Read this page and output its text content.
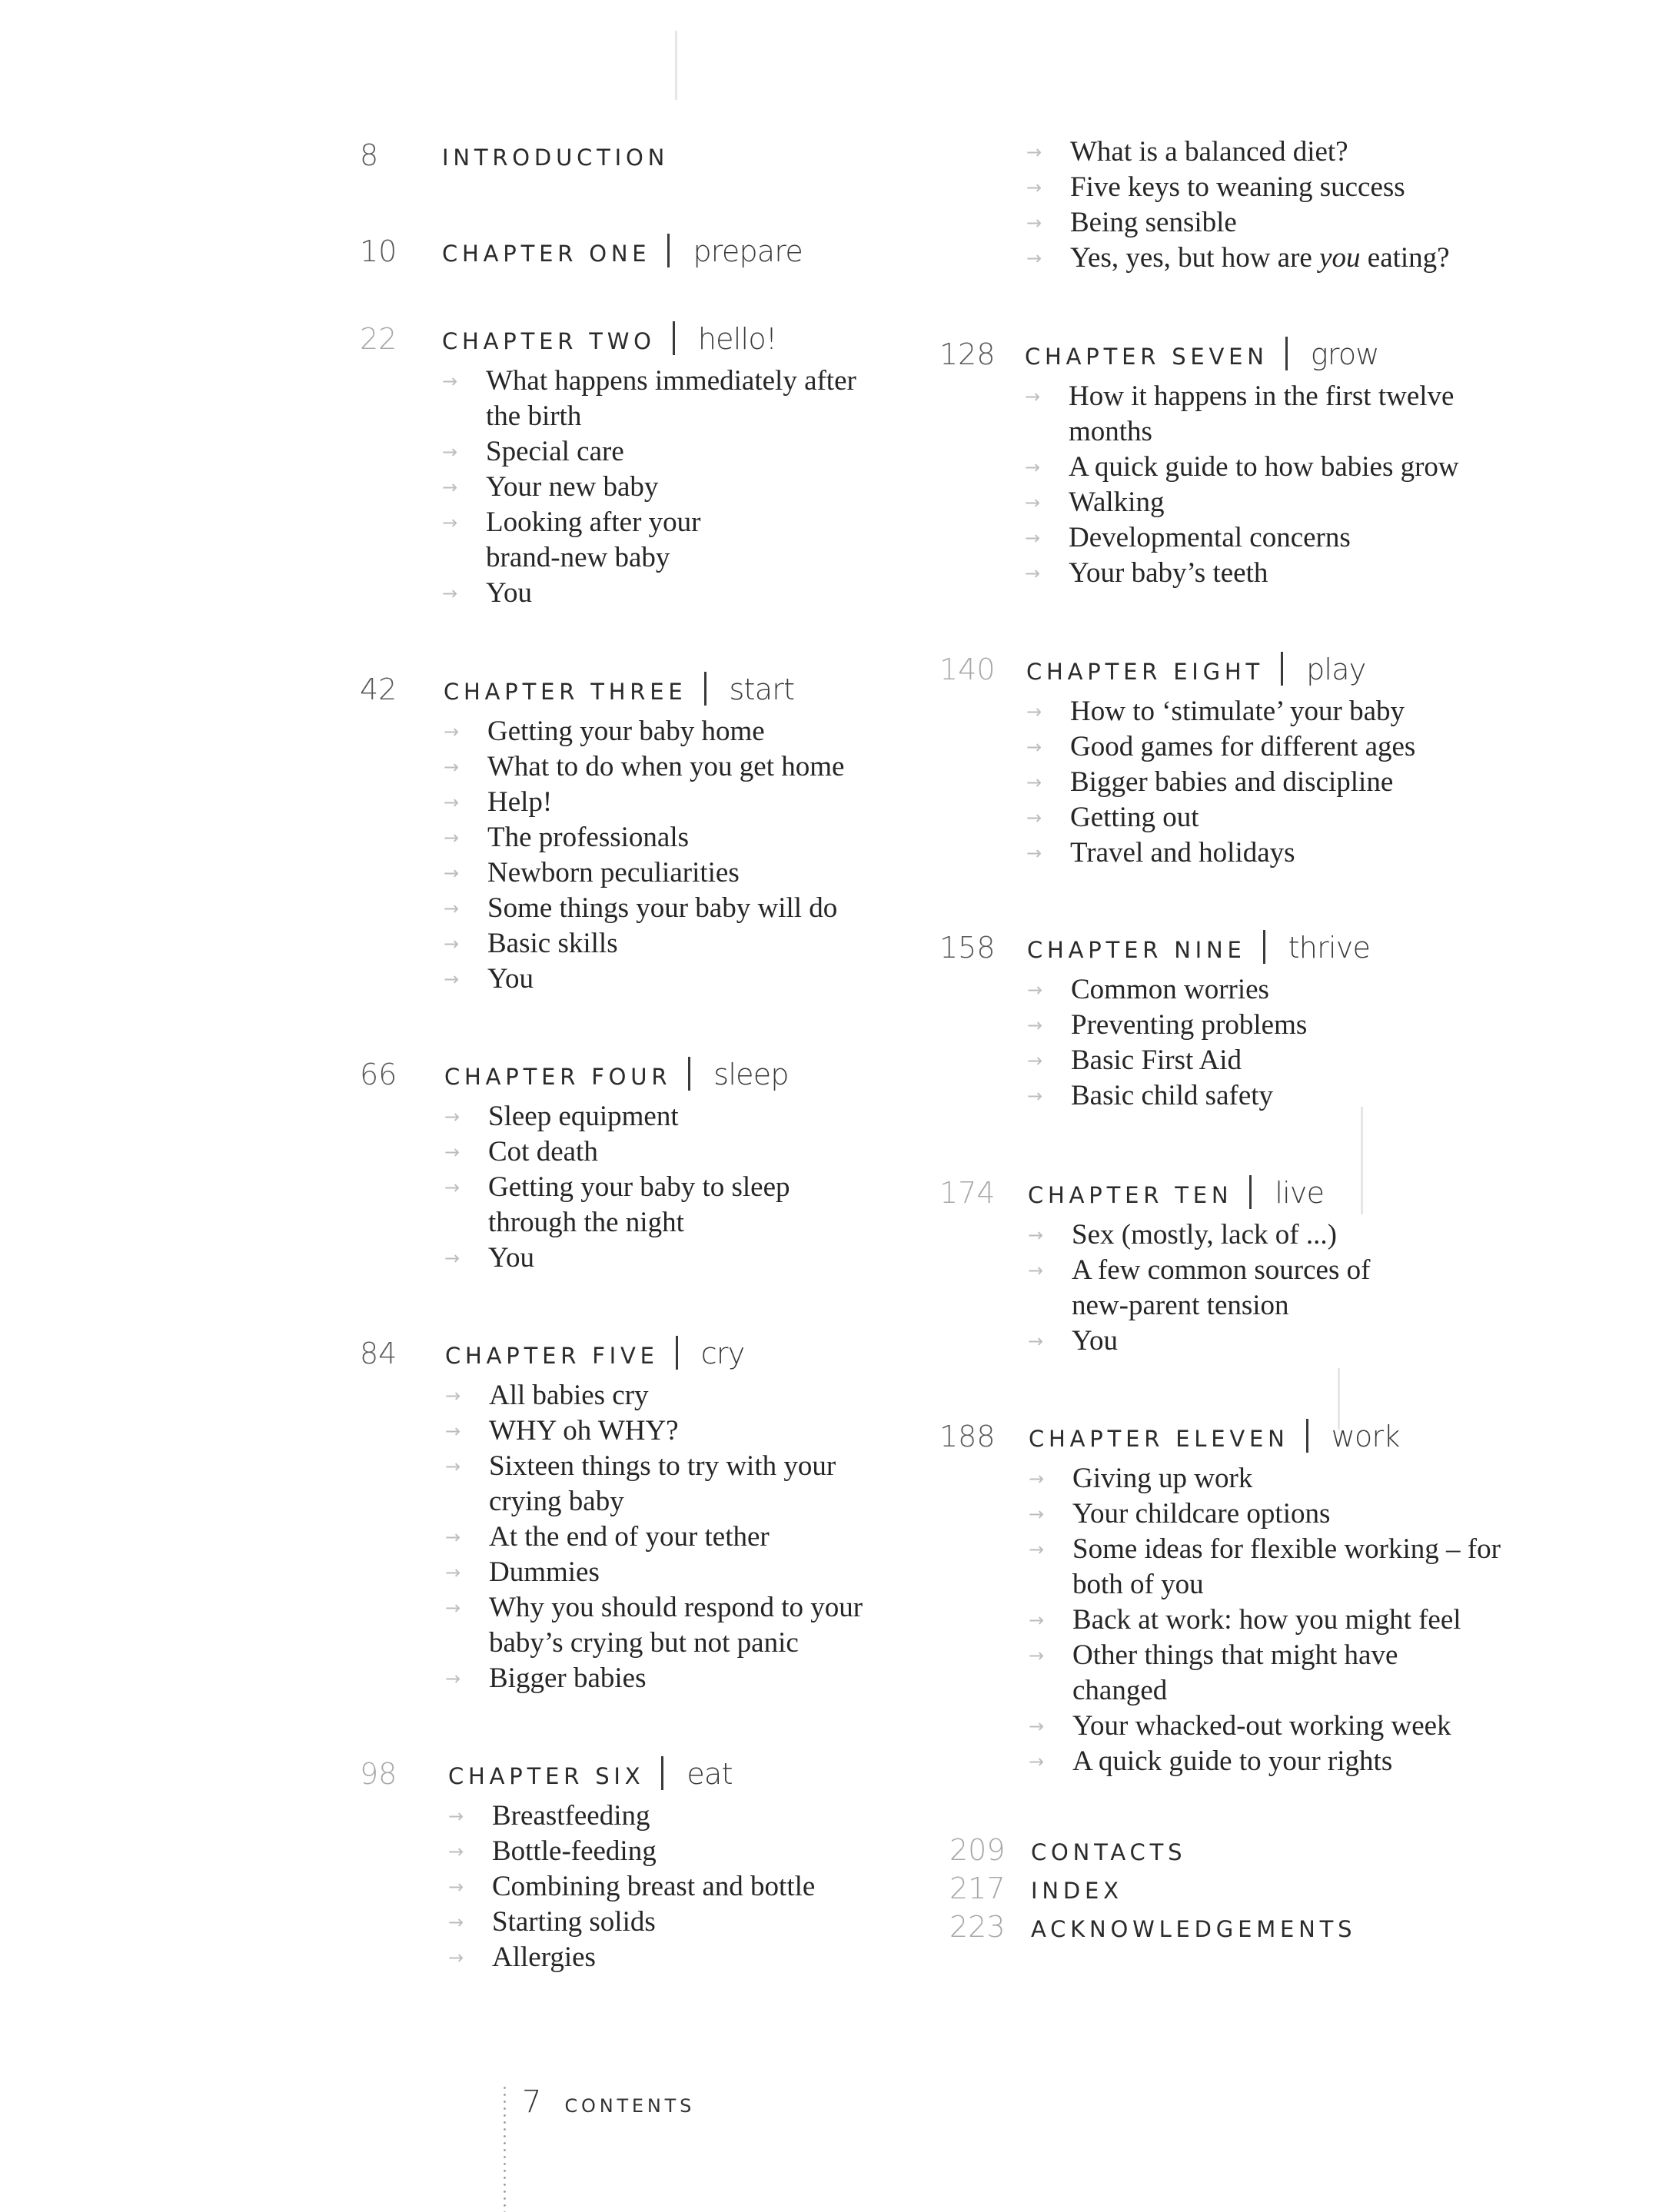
8	INTRODUCTION
10	CHAPTER ONE prepare
22	CHAPTER TWO hello!
→ What happens immediately after the birth
→ Special care
→ Your new baby
→ Looking after your brand-new baby
→ You
42	CHAPTER THREE start
→ Getting your baby home
→ What to do when you get home
→ Help!
→ The professionals
→ Newborn peculiarities
→ Some things your baby will do
→ Basic skills
→ You
66	CHAPTER FOUR sleep
→ Sleep equipment
→ Cot death
→ Getting your baby to sleep through the night
→ You
84	CHAPTER FIVE cry
→ All babies cry
→ WHY oh WHY?
→ Sixteen things to try with your crying baby
→ At the end of your tether
→ Dummies
→ Why you should respond to your baby’s crying but not panic
→ Bigger babies
98	CHAPTER SIX eat
→ Breastfeeding
→ Bottle-feeding
→ Combining breast and bottle
→ Starting solids
→ Allergies
7 CONTENTS
→ What is a balanced diet?
→ Five keys to weaning success
→ Being sensible
→ Yes, yes, but how are you eating?
128	CHAPTER SEVEN grow
→ How it happens in the first twelve months
→ A quick guide to how babies grow
→ Walking
→ Developmental concerns
→ Your baby’s teeth
140	CHAPTER EIGHT play
→ How to ‘stimulate’ your baby
→ Good games for different ages
→ Bigger babies and discipline
→ Getting out
→ Travel and holidays
158	CHAPTER NINE thrive
→ Common worries
→ Preventing problems
→ Basic First Aid
→ Basic child safety
174	CHAPTER TEN live
→ Sex (mostly, lack of ...)
→ A few common sources of new-parent tension
→ You
188	CHAPTER ELEVEN work
→ Giving up work
→ Your childcare options
→ Some ideas for flexible working – for both of you
→ Back at work: how you might feel
→ Other things that might have changed
→ Your whacked-out working week
→ A quick guide to your rights
209	CONTACTS
217	INDEX
223	ACKNOWLEDGEMENTS
